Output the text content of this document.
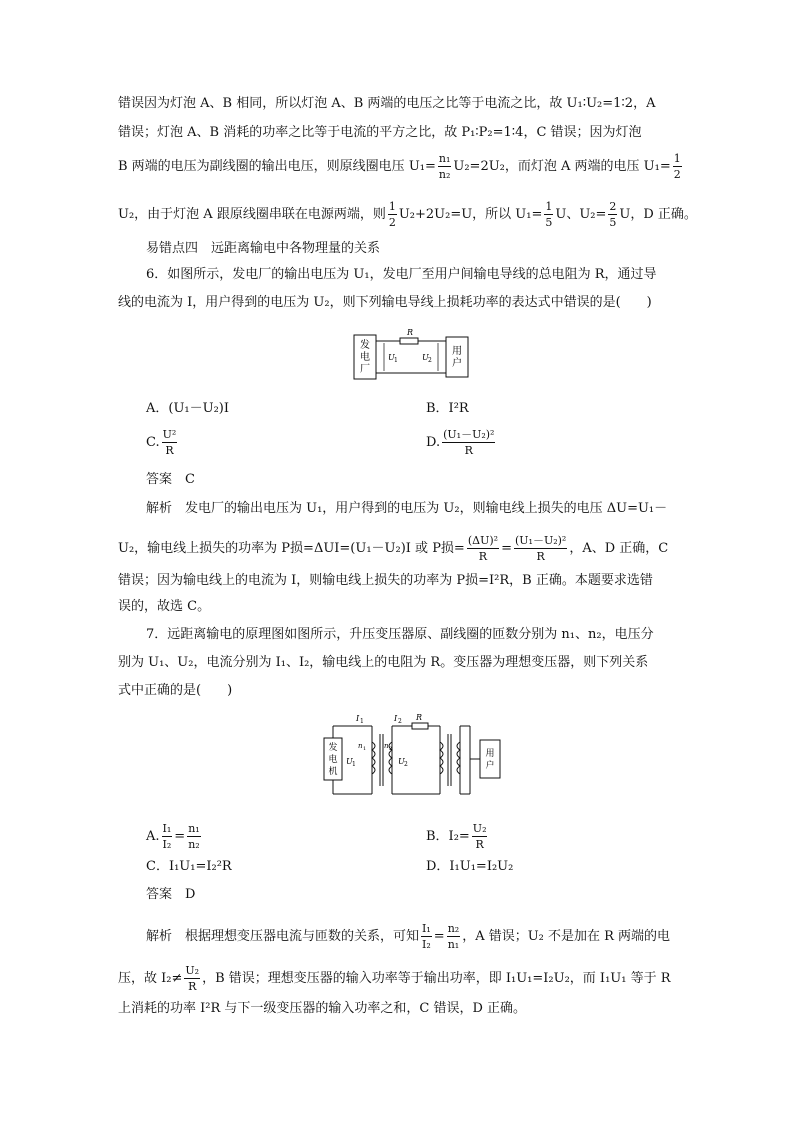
错误因为灯泡 A、B 相同，所以灯泡 A、B 两端的电压之比等于电流之比，故 U₁∶U₂=1∶2，A
错误；灯泡 A、B 消耗的功率之比等于电流的平方之比，故 P₁∶P₂=1∶4，C 错误；因为灯泡
B 两端的电压为副线圈的输出电压，则原线圈电压 $U_1= \frac{\text{n₁}}{\text{n₂}} U_2=2U_2$，而灯泡 A 两端的电压 $U_1= \frac{1}{2}$
U₂，由于灯泡 A 跟原线圈串联在电源两端，则 $\frac{1}{2} U_2+2U_2=U$，所以 $U_1= \frac{1}{5}$ U、$U_2= \frac{2}{5}$ U，D 正确。
易错点四　远距离输电中各物理量的关系
6．如图所示，发电厂的输出电压为 U₁，发电厂至用户间输电导线的总电阻为 R，通过导
线的电流为 I，用户得到的电压为 U₂，则下列输电导线上损耗功率的表达式中错误的是(　　)
发
电
厂
用
户
R
U 1	U 2
A．(U₁－U₂)I	B．I²R
C. $\frac{\text{U²}}{R}$	D. $\frac{\text{(U₁－U₂)²}}{R}$
答案　C
解析　发电厂的输出电压为 U₁，用户得到的电压为 U₂，则输电线上损失的电压 ΔU=U₁－
U₂，输电线上损失的功率为 P损=ΔUI=(U₁－U₂)I 或 P损= $\frac{\text{(ΔU)²}}{R} = \frac{\text{(U₁－U₂)²}}{R}$ ，A、D 正确，C
错误；因为输电线上的电流为 I，则输电线上损失的功率为 P损=I²R，B 正确。本题要求选错
误的，故选 C。
7．远距离输电的原理图如图所示，升压变压器原、副线圈的匝数分别为 n₁、n₂，电压分
别为 U₁、U₂，电流分别为 I₁、I₂，输电线上的电阻为 R。变压器为理想变压器，则下列关系
式中正确的是(　　)
发
电
机
用
户
I 1	I 2 R
n 1	n 2
U 1	U 2
A. $\frac{\text{I₁}}{\text{I₂}} = \frac{\text{n₁}}{\text{n₂}}$	B．$I_2= \frac{\text{U₂}}{R}$
C．I₁U₁=I₂²R	D．I₁U₁=I₂U₂
答案　D
解析　根据理想变压器电流与匝数的关系，可知 $\frac{\text{I₁}}{\text{I₂}} = \frac{\text{n₂}}{\text{n₁}}$ ，A 错误；U₂ 不是加在 R 两端的电
压，故 $I_2\ne \frac{\text{U₂}}{R}$ ，B 错误；理想变压器的输入功率等于输出功率，即 I₁U₁=I₂U₂，而 I₁U₁ 等于 R
上消耗的功率 I²R 与下一级变压器的输入功率之和，C 错误，D 正确。
